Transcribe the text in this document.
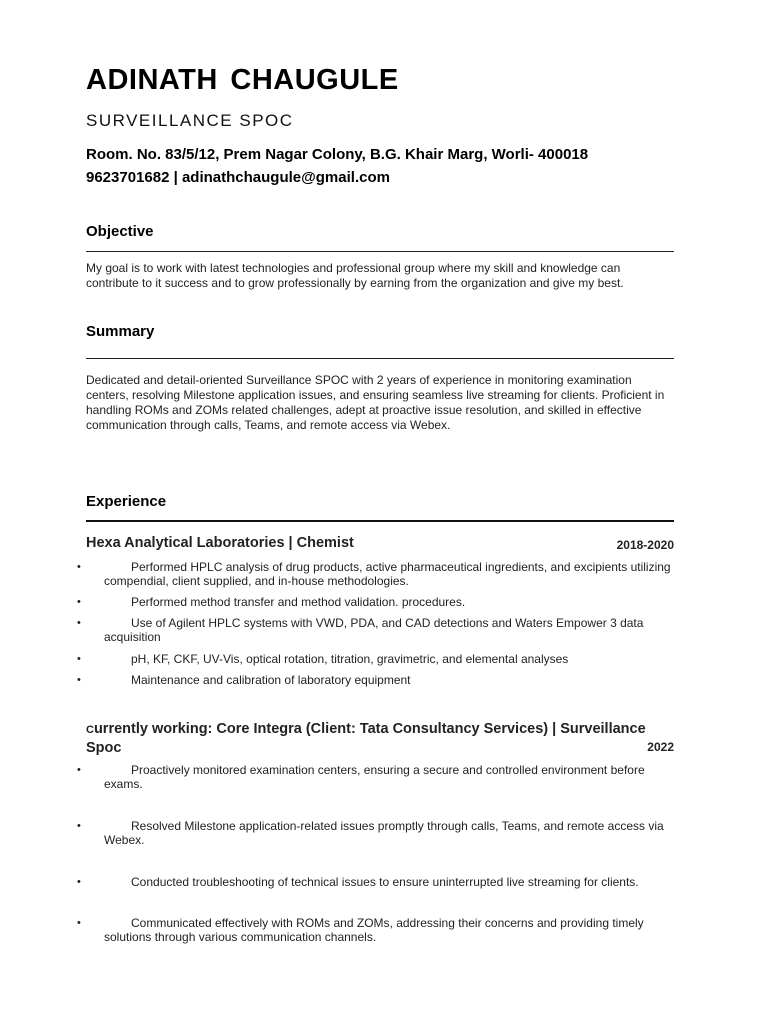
ADINATH CHAUGULE

SURVEILLANCE SPOC

Room. No. 83/5/12, Prem Nagar Colony, B.G. Khair Marg, Worli- 400018

9623701682 | adinathchaugule@gmail.com

Objective

My goal is to work with latest technologies and professional group where my skill and knowledge can contribute to it success and to grow professionally by earning from the organization and give my best.

Summary

Dedicated and detail-oriented Surveillance SPOC with 2 years of experience in monitoring examination centers, resolving Milestone application issues, and ensuring seamless live streaming for clients. Proficient in handling ROMs and ZOMs related challenges, adept at proactive issue resolution, and skilled in effective communication through calls, Teams, and remote access via Webex.

Experience

Hexa Analytical Laboratories | Chemist	2018-2020

•	Performed HPLC analysis of drug products, active pharmaceutical ingredients, and excipients utilizing compendial, client supplied, and in-house methodologies.
•	Performed method transfer and method validation. procedures.
•	Use of Agilent HPLC systems with VWD, PDA, and CAD detections and Waters Empower 3 data acquisition
•	pH, KF, CKF, UV-Vis, optical rotation, titration, gravimetric, and elemental analyses
•	Maintenance and calibration of laboratory equipment

Currently working: Core Integra (Client: Tata Consultancy Services) | Surveillance Spoc	2022

•	Proactively monitored examination centers, ensuring a secure and controlled environment before exams.
•	Resolved Milestone application-related issues promptly through calls, Teams, and remote access via Webex.
•	Conducted troubleshooting of technical issues to ensure uninterrupted live streaming for clients.
•	Communicated effectively with ROMs and ZOMs, addressing their concerns and providing timely solutions through various communication channels.
